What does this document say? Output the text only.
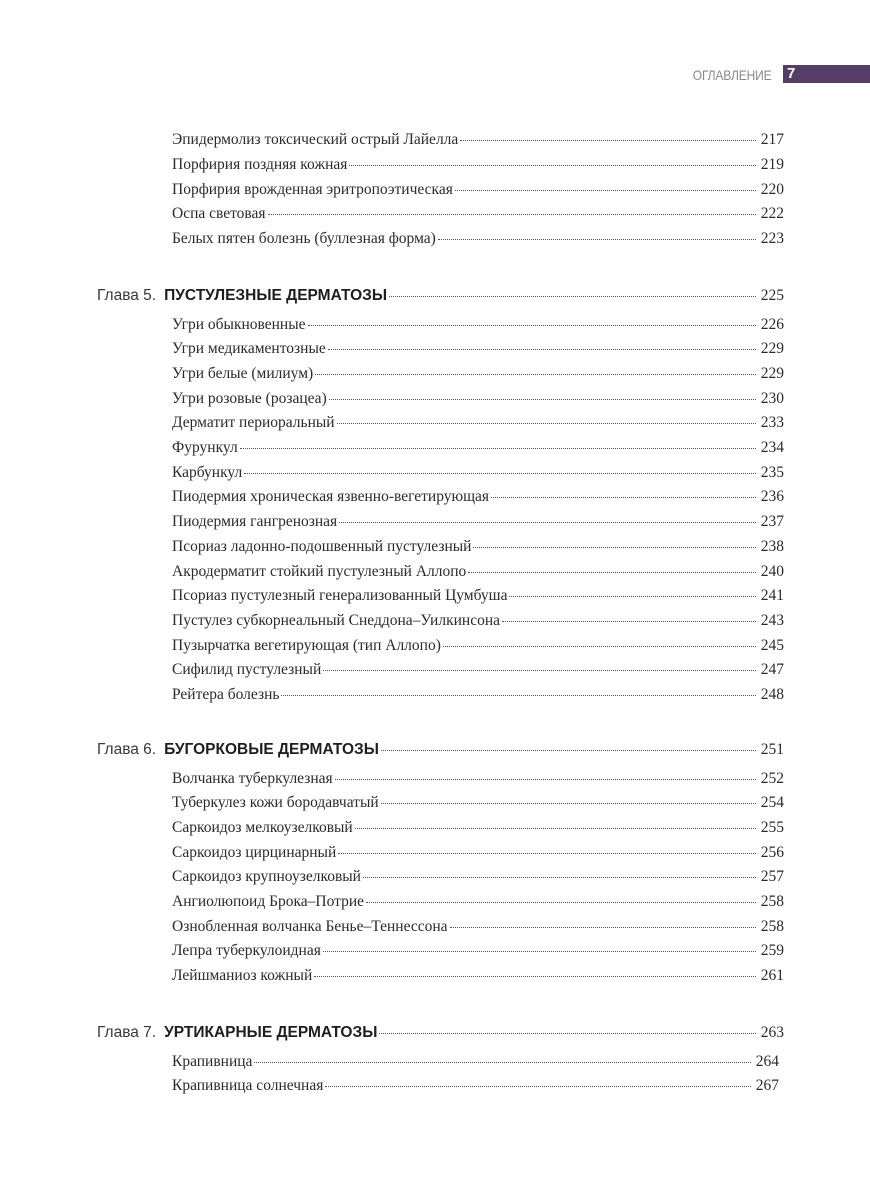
ОГЛАВЛЕНИЕ 7
Эпидермолиз токсический острый Лайелла	217
Порфирия поздняя кожная	219
Порфирия врожденная эритропоэтическая	220
Оспа световая	222
Белых пятен болезнь (буллезная форма)	223
Глава 5. ПУСТУЛЕЗНЫЕ ДЕРМАТОЗЫ	225
Угри обыкновенные	226
Угри медикаментозные	229
Угри белые (милиум)	229
Угри розовые (розацеа)	230
Дерматит периоральный	233
Фурункул	234
Карбункул	235
Пиодермия хроническая язвенно-вегетирующая	236
Пиодермия гангренозная	237
Псориаз ладонно-подошвенный пустулезный	238
Акродерматит стойкий пустулезный Аллопо	240
Псориаз пустулезный генерализованный Цумбуша	241
Пустулез субкорнеальный Снеддона–Уилкинсона	243
Пузырчатка вегетирующая (тип Аллопо)	245
Сифилид пустулезный	247
Рейтера болезнь	248
Глава 6. БУГОРКОВЫЕ ДЕРМАТОЗЫ	251
Волчанка туберкулезная	252
Туберкулез кожи бородавчатый	254
Саркоидоз мелкоузелковый	255
Саркоидоз цирцинарный	256
Саркоидоз крупноузелковый	257
Ангиолюпоид Брока–Потрие	258
Ознобленная волчанка Бенье–Теннессона	258
Лепра туберкулоидная	259
Лейшманиоз кожный	261
Глава 7. УРТИКАРНЫЕ ДЕРМАТОЗЫ	263
Крапивница	264
Крапивница солнечная	267
